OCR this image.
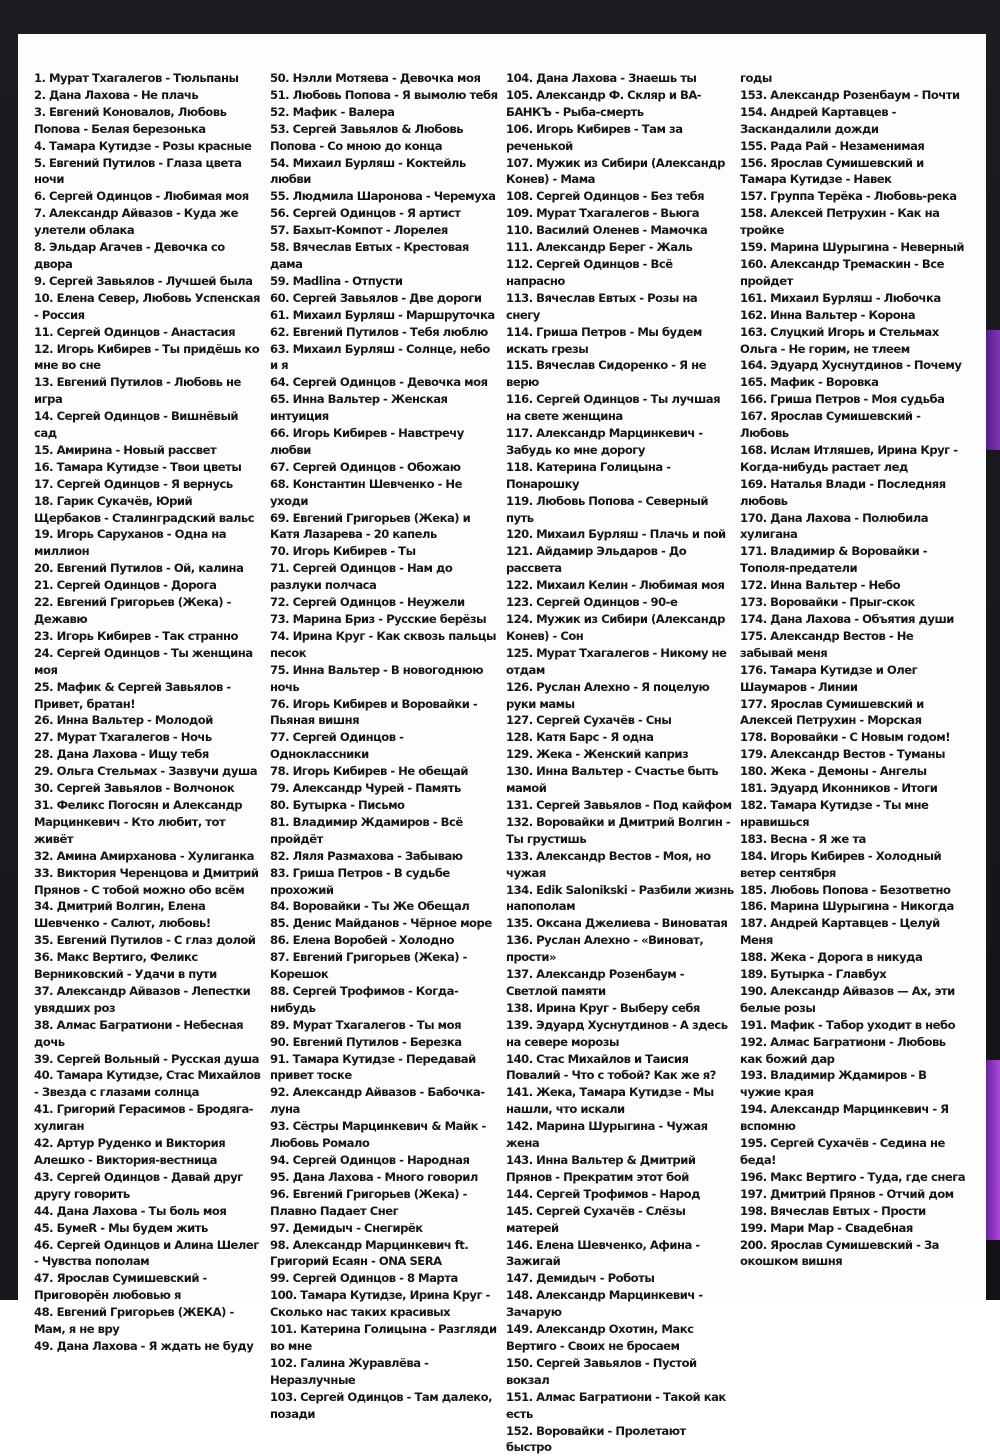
1. Мурат Тхагалегов - Тюльпаны
2. Дана Лахова - Не плачь
3. Евгений Коновалов, Любовь Попова - Белая березонька
4. Тамара Кутидзе - Розы красные
5. Евгений Путилов - Глаза цвета ночи
6. Сергей Одинцов - Любимая моя
7. Александр Айвазов - Куда же улетели облака
8. Эльдар Агачев - Девочка со двора
9. Сергей Завьялов - Лучшей была
10. Елена Север, Любовь Успенская - Россия
11. Сергей Одинцов - Анастасия
12. Игорь Кибирев - Ты придёшь ко мне во сне
13. Евгений Путилов - Любовь не игра
14. Сергей Одинцов - Вишнёвый сад
15. Амирина - Новый рассвет
16. Тамара Кутидзе - Твои цветы
17. Сергей Одинцов - Я вернусь
18. Гарик Сукачёв, Юрий Щербаков - Сталинградский вальс
19. Игорь Саруханов - Одна на миллион
20. Евгений Путилов - Ой, калина
21. Сергей Одинцов - Дорога
22. Евгений Григорьев (Жека) - Дежавю
23. Игорь Кибирев - Так странно
24. Сергей Одинцов - Ты женщина моя
25. Мафик & Сергей Завьялов - Привет, братан!
26. Инна Вальтер - Молодой
27. Мурат Тхагалегов - Ночь
28. Дана Лахова - Ищу тебя
29. Ольга Стельмах - Зазвучи душа
30. Сергей Завьялов - Волчонок
31. Феликс Погосян и Александр Марцинкевич - Кто любит, тот живёт
32. Амина Амирханова - Хулиганка
33. Виктория Черенцова и Дмитрий Прянов - С тобой можно обо всём
34. Дмитрий Волгин, Елена Шевченко - Салют, любовь!
35. Евгений Путилов - С глаз долой
36. Макс Вертиго, Феликс Верниковский - Удачи в пути
37. Александр Айвазов - Лепестки увядших роз
38. Алмас Багратиони - Небесная дочь
39. Сергей Вольный - Русская душа
40. Тамара Кутидзе, Стас Михайлов - Звезда с глазами солнца
41. Григорий Герасимов - Бродяга-хулиган
42. Артур Руденко и Виктория Алешко - Виктория-вестница
43. Сергей Одинцов - Давай друг другу говорить
44. Дана Лахова - Ты боль моя
45. БумеR - Мы будем жить
46. Сергей Одинцов и Алина Шелег - Чувства пополам
47. Ярослав Сумишевский - Приговорён любовью я
48. Евгений Григорьев (ЖЕКА) - Мам, я не вру
49. Дана Лахова - Я ждать не буду
50. Нэлли Мотяева - Девочка моя
51. Любовь Попова - Я вымолю тебя
52. Мафик - Валера
53. Сергей Завьялов & Любовь Попова - Со мною до конца
54. Михаил Бурляш - Коктейль любви
55. Людмила Шаронова - Черемуха
56. Сергей Одинцов - Я артист
57. Бахыт-Компот - Лорелея
58. Вячеслав Евтых - Крестовая дама
59. Madlina - Отпусти
60. Сергей Завьялов - Две дороги
61. Михаил Бурляш - Маршруточка
62. Евгений Путилов - Тебя люблю
63. Михаил Бурляш - Солнце, небо и я
64. Сергей Одинцов - Девочка моя
65. Инна Вальтер - Женская интуиция
66. Игорь Кибирев - Навстречу любви
67. Сергей Одинцов - Обожаю
68. Константин Шевченко - Не уходи
69. Евгений Григорьев (Жека) и Катя Лазарева - 20 капель
70. Игорь Кибирев - Ты
71. Сергей Одинцов - Нам до разлуки полчаса
72. Сергей Одинцов - Неужели
73. Марина Бриз - Русские берёзы
74. Ирина Круг - Как сквозь пальцы песок
75. Инна Вальтер - В новогоднюю ночь
76. Игорь Кибирев и Воровайки - Пьяная вишня
77. Сергей Одинцов - Одноклассники
78. Игорь Кибирев - Не обещай
79. Александр Чурей - Память
80. Бутырка - Письмо
81. Владимир Ждамиров - Всё пройдёт
82. Ляля Размахова - Забываю
83. Гриша Петров - В судьбе прохожий
84. Воровайки - Ты Же Обещал
85. Денис Майданов - Чёрное море
86. Елена Воробей - Холодно
87. Евгений Григорьев (Жека) - Корешок
88. Сергей Трофимов - Когда-нибудь
89. Мурат Тхагалегов - Ты моя
90. Евгений Путилов - Березка
91. Тамара Кутидзе - Передавай привет тоске
92. Александр Айвазов - Бабочка-луна
93. Сёстры Марцинкевич & Майк - Любовь Ромало
94. Сергей Одинцов - Народная
95. Дана Лахова - Много говорил
96. Евгений Григорьев (Жека) - Плавно Падает Снег
97. Демидыч - Снегирёк
98. Александр Марцинкевич ft. Григорий Есаян - ONA SERA
99. Сергей Одинцов - 8 Марта
100. Тамара Кутидзе, Ирина Круг - Сколько нас таких красивых
101. Катерина Голицына - Разгляди во мне
102. Галина Журавлёва - Неразлучные
103. Сергей Одинцов - Там далеко, позади
104. Дана Лахова - Знаешь ты
105. Александр Ф. Скляр и ВА-БАНКЪ - Рыба-смерть
106. Игорь Кибирев - Там за реченькой
107. Мужик из Сибири (Александр Конев) - Мама
108. Сергей Одинцов - Без тебя
109. Мурат Тхагалегов - Вьюга
110. Василий Оленев - Мамочка
111. Александр Берег - Жаль
112. Сергей Одинцов - Всё напрасно
113. Вячеслав Евтых - Розы на снегу
114. Гриша Петров - Мы будем искать грезы
115. Вячеслав Сидоренко - Я не верю
116. Сергей Одинцов - Ты лучшая на свете женщина
117. Александр Марцинкевич - Забудь ко мне дорогу
118. Катерина Голицына - Понарошку
119. Любовь Попова - Северный путь
120. Михаил Бурляш - Плачь и пой
121. Айдамир Эльдаров - До рассвета
122. Михаил Келин - Любимая моя
123. Сергей Одинцов - 90-е
124. Мужик из Сибири (Александр Конев) - Сон
125. Мурат Тхагалегов - Никому не отдам
126. Руслан Алехно - Я поцелую руки мамы
127. Сергей Сухачёв - Сны
128. Катя Барс - Я одна
129. Жека - Женский каприз
130. Инна Вальтер - Счастье быть мамой
131. Сергей Завьялов - Под кайфом
132. Воровайки и Дмитрий Волгин - Ты грустишь
133. Александр Вестов - Моя, но чужая
134. Edik Salonikski - Разбили жизнь напополам
135. Оксана Джелиева - Виноватая
136. Руслан Алехно - «Виноват, прости»
137. Александр Розенбаум - Светлой памяти
138. Ирина Круг - Выберу себя
139. Эдуард Хуснутдинов - А здесь на севере морозы
140. Стас Михайлов и Таисия Повалий - Что с тобой? Как же я?
141. Жека, Тамара Кутидзе - Мы нашли, что искали
142. Марина Шурыгина - Чужая жена
143. Инна Вальтер & Дмитрий Прянов - Прекратим этот бой
144. Сергей Трофимов - Народ
145. Сергей Сухачёв - Слёзы матерей
146. Елена Шевченко, Афина - Зажигай
147. Демидыч - Роботы
148. Александр Марцинкевич - Зачарую
149. Александр Охотин, Макс Вертиго - Своих не бросаем
150. Сергей Завьялов - Пустой вокзал
151. Алмас Багратиони - Такой как есть
152. Воровайки - Пролетают быстро
годы
153. Александр Розенбаум - Почти
154. Андрей Картавцев - Заскандалили дожди
155. Рада Рай - Незаменимая
156. Ярослав Сумишевский и Тамара Кутидзе - Навек
157. Группа Терёка - Любовь-река
158. Алексей Петрухин - Как на тройке
159. Марина Шурыгина - Неверный
160. Александр Тремаскин - Все пройдет
161. Михаил Бурляш - Любочка
162. Инна Вальтер - Корона
163. Слуцкий Игорь и Стельмах Ольга - Не горим, не тлеем
164. Эдуард Хуснутдинов - Почему
165. Мафик - Воровка
166. Гриша Петров - Моя судьба
167. Ярослав Сумишевский - Любовь
168. Ислам Итляшев, Ирина Круг - Когда-нибудь растает лед
169. Наталья Влади - Последняя любовь
170. Дана Лахова - Полюбила хулигана
171. Владимир & Воровайки - Тополя-предатели
172. Инна Вальтер - Небо
173. Воровайки - Прыг-скок
174. Дана Лахова - Объятия души
175. Александр Вестов - Не забывай меня
176. Тамара Кутидзе и Олег Шаумаров - Линии
177. Ярослав Сумишевский и Алексей Петрухин - Морская
178. Воровайки - С Новым годом!
179. Александр Вестов - Туманы
180. Жека - Демоны - Ангелы
181. Эдуард Иконников - Итоги
182. Тамара Кутидзе - Ты мне нравишься
183. Весна - Я же та
184. Игорь Кибирев - Холодный ветер сентября
185. Любовь Попова - Безответно
186. Марина Шурыгина - Никогда
187. Андрей Картавцев - Целуй Меня
188. Жека - Дорога в никуда
189. Бутырка - Главбух
190. Александр Айвазов — Ах, эти белые розы
191. Мафик - Табор уходит в небо
192. Алмас Багратиони - Любовь как божий дар
193. Владимир Ждамиров - В чужие края
194. Александр Марцинкевич - Я вспомню
195. Сергей Сухачёв - Седина не беда!
196. Макс Вертиго - Туда, где снега
197. Дмитрий Прянов - Отчий дом
198. Вячеслав Евтых - Прости
199. Мари Мар - Свадебная
200. Ярослав Сумишевский - За окошком вишня
